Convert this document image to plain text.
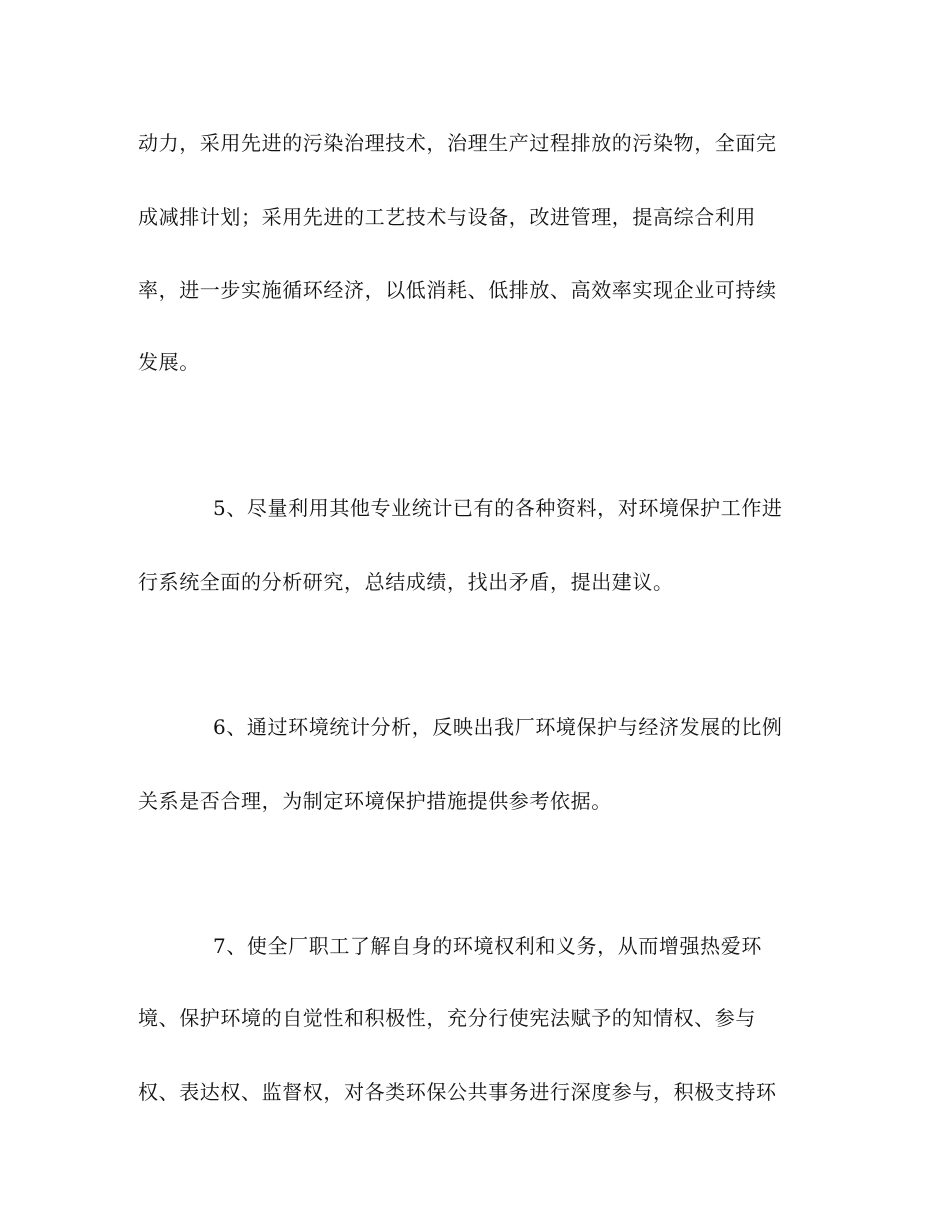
动力，采用先进的污染治理技术，治理生产过程排放的污染物，全面完
成减排计划；采用先进的工艺技术与设备，改进管理，提高综合利用
率，进一步实施循环经济，以低消耗、低排放、高效率实现企业可持续
发展。
5、尽量利用其他专业统计已有的各种资料，对环境保护工作进
行系统全面的分析研究，总结成绩，找出矛盾，提出建议。
6、通过环境统计分析，反映出我厂环境保护与经济发展的比例
关系是否合理，为制定环境保护措施提供参考依据。
7、使全厂职工了解自身的环境权利和义务，从而增强热爱环
境、保护环境的自觉性和积极性，充分行使宪法赋予的知情权、参与
权、表达权、监督权，对各类环保公共事务进行深度参与，积极支持环
